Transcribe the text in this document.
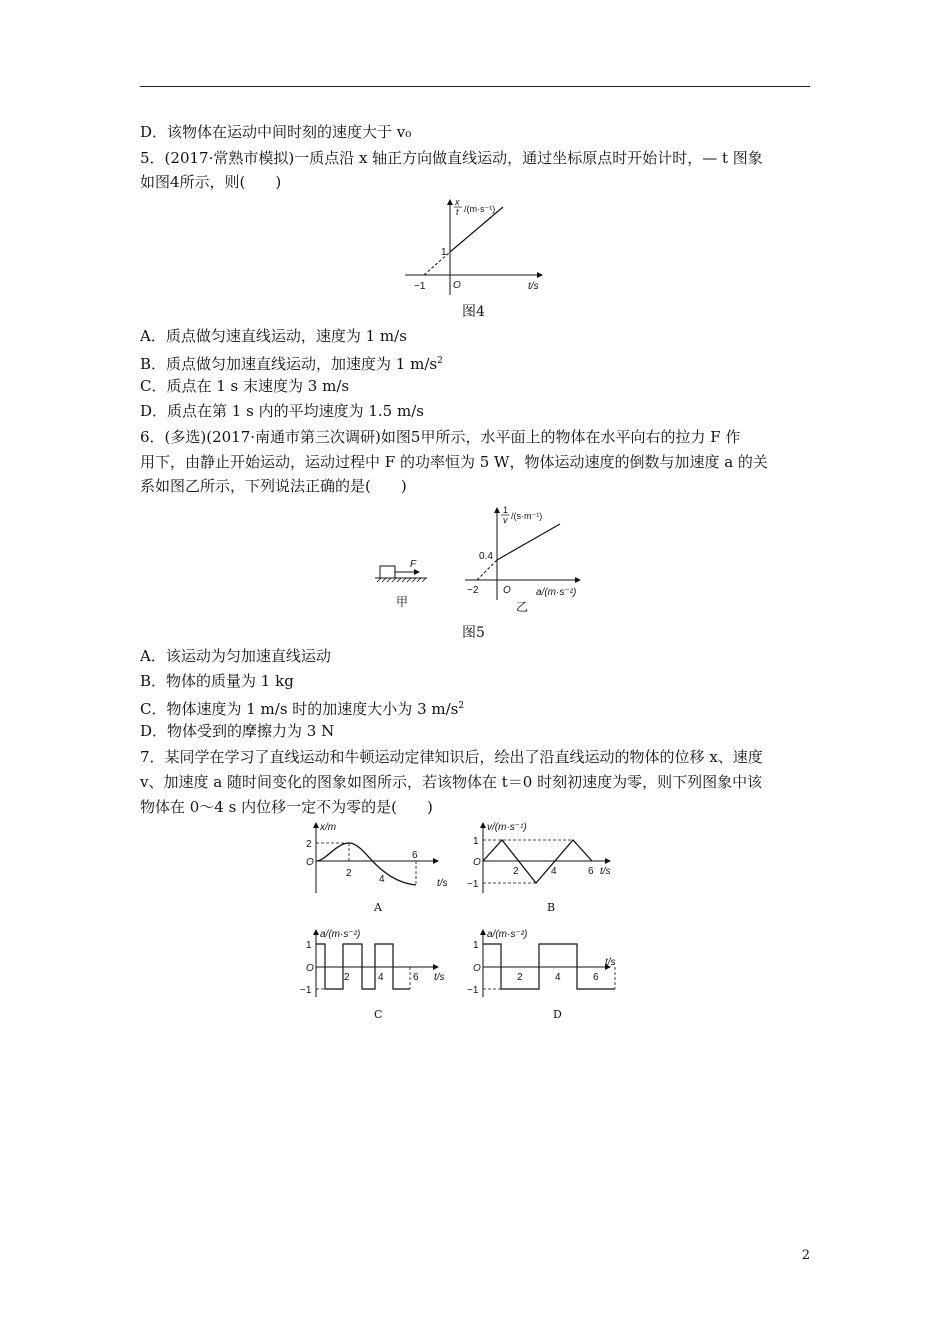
D．该物体在运动中间时刻的速度大于 v₀
5．(2017·常熟市模拟)一质点沿 x 轴正方向做直线运动，通过坐标原点时开始计时，— t 图象
如图4所示，则(　　)
x
t /(m·s⁻¹)
1
−1	O	t/s
图4
A．质点做匀速直线运动，速度为 1 m/s
B．质点做匀加速直线运动，加速度为 1 $m/s^2$
C．质点在 1 s 末速度为 3 m/s
D．质点在第 1 s 内的平均速度为 1.5 m/s
6．(多选)(2017·南通市第三次调研)如图5甲所示，水平面上的物体在水平向右的拉力 F 作
用下，由静止开始运动，运动过程中 F 的功率恒为 5 W，物体运动速度的倒数与加速度 a 的关
系如图乙所示，下列说法正确的是(　　)
F
甲
1
v /(s·m⁻¹)
0.4
−2 O	a/(m·s⁻²)
乙
图5
A．该运动为匀加速直线运动
B．物体的质量为 1 kg
C．物体速度为 1 m/s 时的加速度大小为 3 $m/s^2$
D．物体受到的摩擦力为 3 N
7．某同学在学习了直线运动和牛顿运动定律知识后，绘出了沿直线运动的物体的位移 x、速度
v、加速度 a 随时间变化的图象如图所示，若该物体在 t＝0 时刻初速度为零，则下列图象中该
物体在 0～4 s 内位移一定不为零的是(　　)
x/m
2
O
2
4
6
t/s
A
v/(m·s⁻¹)
1
O
−1
2	4	6 t/s
B
a/(m·s⁻²)
1
O
−1
2	4	6 t/s
C
a/(m·s⁻²)
1
O
−1
2	4	6
t/s
D
2
